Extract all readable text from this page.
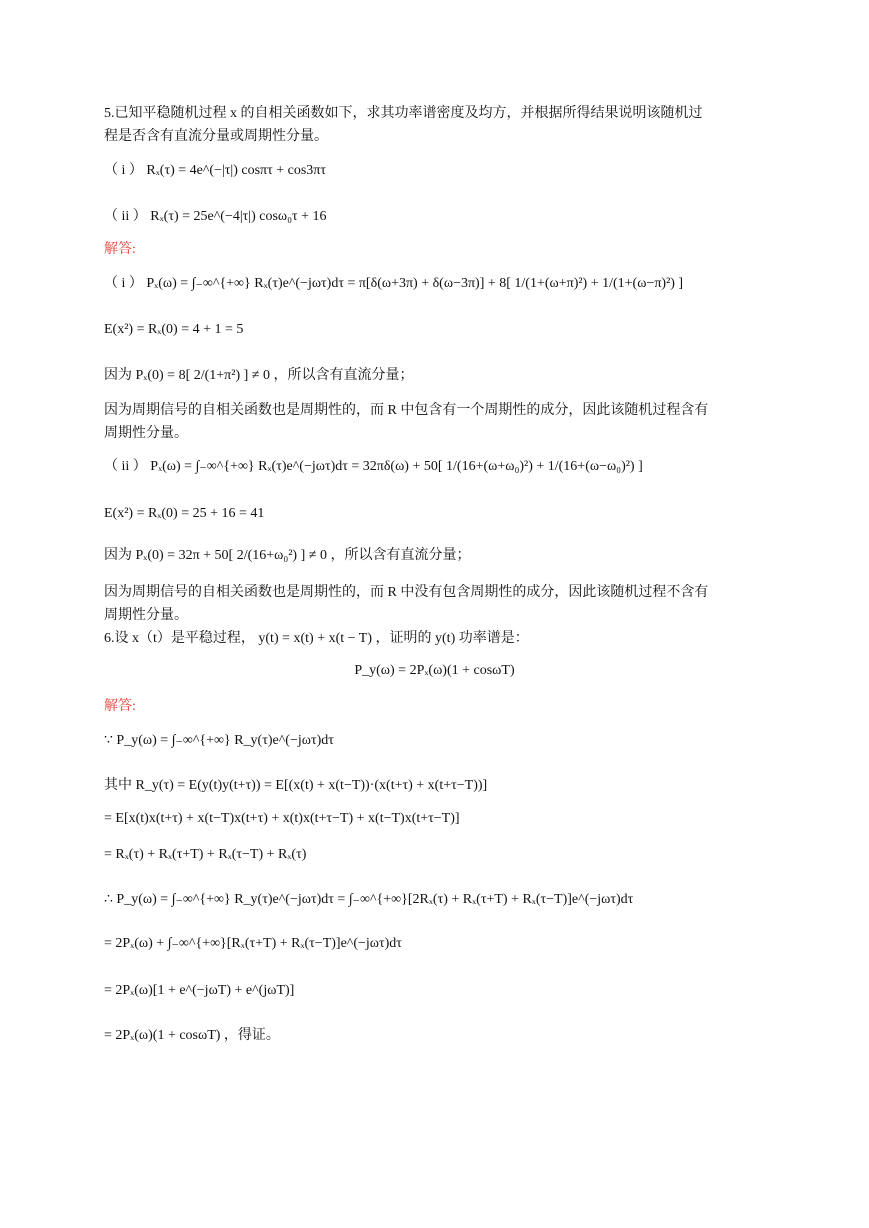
5.已知平稳随机过程 x 的自相关函数如下，求其功率谱密度及均方，并根据所得结果说明该随机过
程是否含有直流分量或周期性分量。
（ i ） Rₓ(τ) = 4e^(−|τ|) cosπτ + cos3πτ
（ ii ） Rₓ(τ) = 25e^(−4|τ|) cosω₀τ + 16
解答:
（ i ） Pₓ(ω) = ∫₋∞^{+∞} Rₓ(τ)e^(−jωτ)dτ = π[δ(ω+3π) + δ(ω−3π)] + 8[ 1/(1+(ω+π)²) + 1/(1+(ω−π)²) ]
E(x²) = Rₓ(0) = 4 + 1 = 5
因为 Pₓ(0) = 8[ 2/(1+π²) ] ≠ 0 ，所以含有直流分量；
因为周期信号的自相关函数也是周期性的，而 R 中包含有一个周期性的成分，因此该随机过程含有
周期性分量。
（ ii ） Pₓ(ω) = ∫₋∞^{+∞} Rₓ(τ)e^(−jωτ)dτ = 32πδ(ω) + 50[ 1/(16+(ω+ω₀)²) + 1/(16+(ω−ω₀)²) ]
E(x²) = Rₓ(0) = 25 + 16 = 41
因为 Pₓ(0) = 32π + 50[ 2/(16+ω₀²) ] ≠ 0 ，所以含有直流分量；
因为周期信号的自相关函数也是周期性的，而 R 中没有包含周期性的成分，因此该随机过程不含有
周期性分量。
6.设 x（t）是平稳过程， y(t) = x(t) + x(t − T) ，证明的 y(t) 功率谱是：
P_y(ω) = 2Pₓ(ω)(1 + cosωT)
解答:
∵ P_y(ω) = ∫₋∞^{+∞} R_y(τ)e^(−jωτ)dτ
其中 R_y(τ) = E(y(t)y(t+τ)) = E[(x(t) + x(t−T))·(x(t+τ) + x(t+τ−T))]
= E[x(t)x(t+τ) + x(t−T)x(t+τ) + x(t)x(t+τ−T) + x(t−T)x(t+τ−T)]
= Rₓ(τ) + Rₓ(τ+T) + Rₓ(τ−T) + Rₓ(τ)
∴ P_y(ω) = ∫₋∞^{+∞} R_y(τ)e^(−jωτ)dτ = ∫₋∞^{+∞}[2Rₓ(τ) + Rₓ(τ+T) + Rₓ(τ−T)]e^(−jωτ)dτ
= 2Pₓ(ω) + ∫₋∞^{+∞}[Rₓ(τ+T) + Rₓ(τ−T)]e^(−jωτ)dτ
= 2Pₓ(ω)[1 + e^(−jωT) + e^(jωT)]
= 2Pₓ(ω)(1 + cosωT) ，得证。
